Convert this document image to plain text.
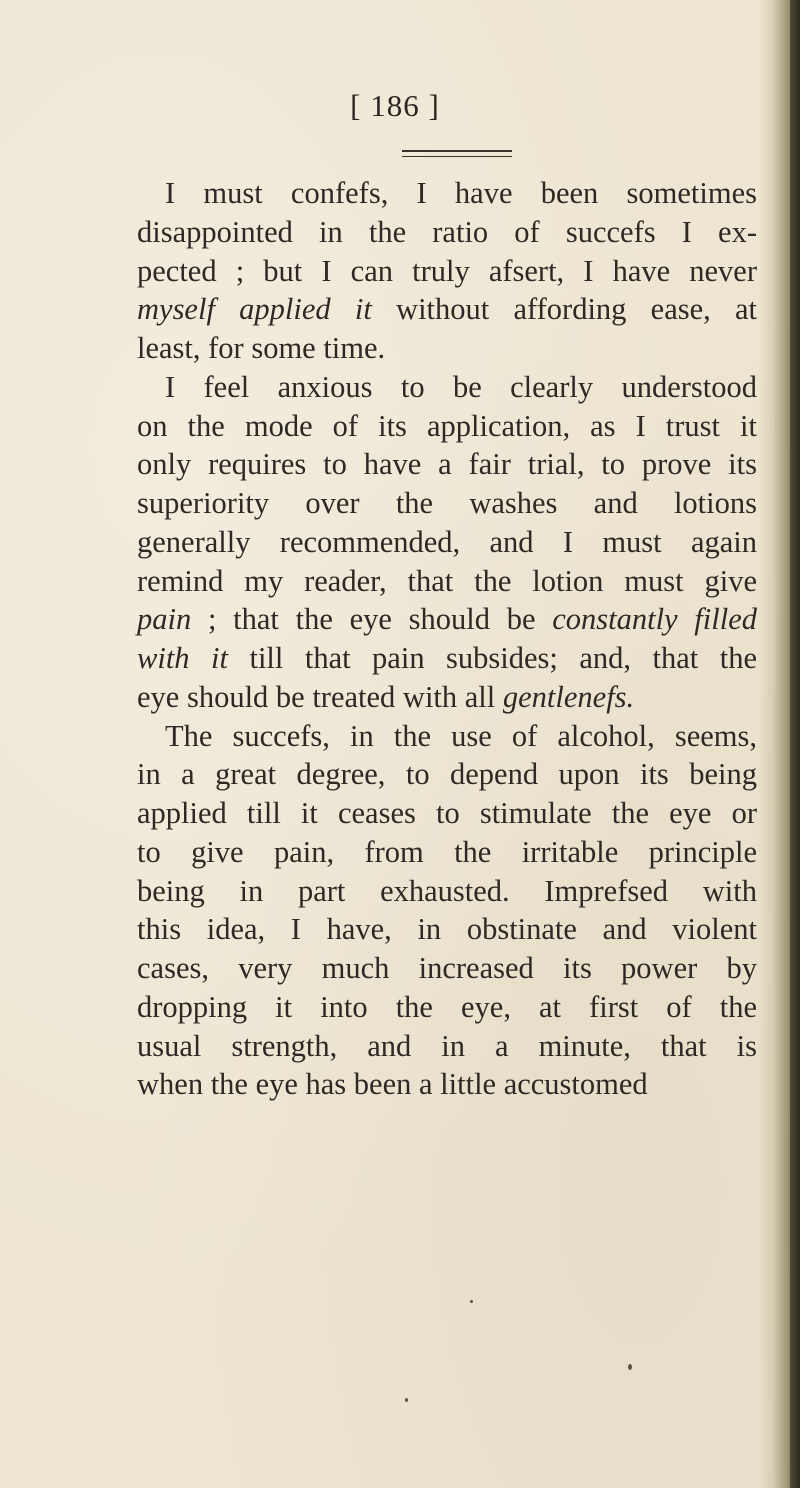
[ 186 ]
I must confefs, I have been sometimes
disappointed in the ratio of succefs I ex-
pected ; but I can truly afsert, I have never
myself applied it without affording ease, at
least, for some time.
I feel anxious to be clearly understood
on the mode of its application, as I trust it
only requires to have a fair trial, to prove its
superiority over the washes and lotions
generally recommended, and I must again
remind my reader, that the lotion must give
pain ; that the eye should be constantly filled
with it till that pain subsides; and, that the
eye should be treated with all gentlenefs.
The succefs, in the use of alcohol, seems,
in a great degree, to depend upon its being
applied till it ceases to stimulate the eye or
to give pain, from the irritable principle
being in part exhausted. Imprefsed with
this idea, I have, in obstinate and violent
cases, very much increased its power by
dropping it into the eye, at first of the
usual strength, and in a minute, that is
when the eye has been a little accustomed
